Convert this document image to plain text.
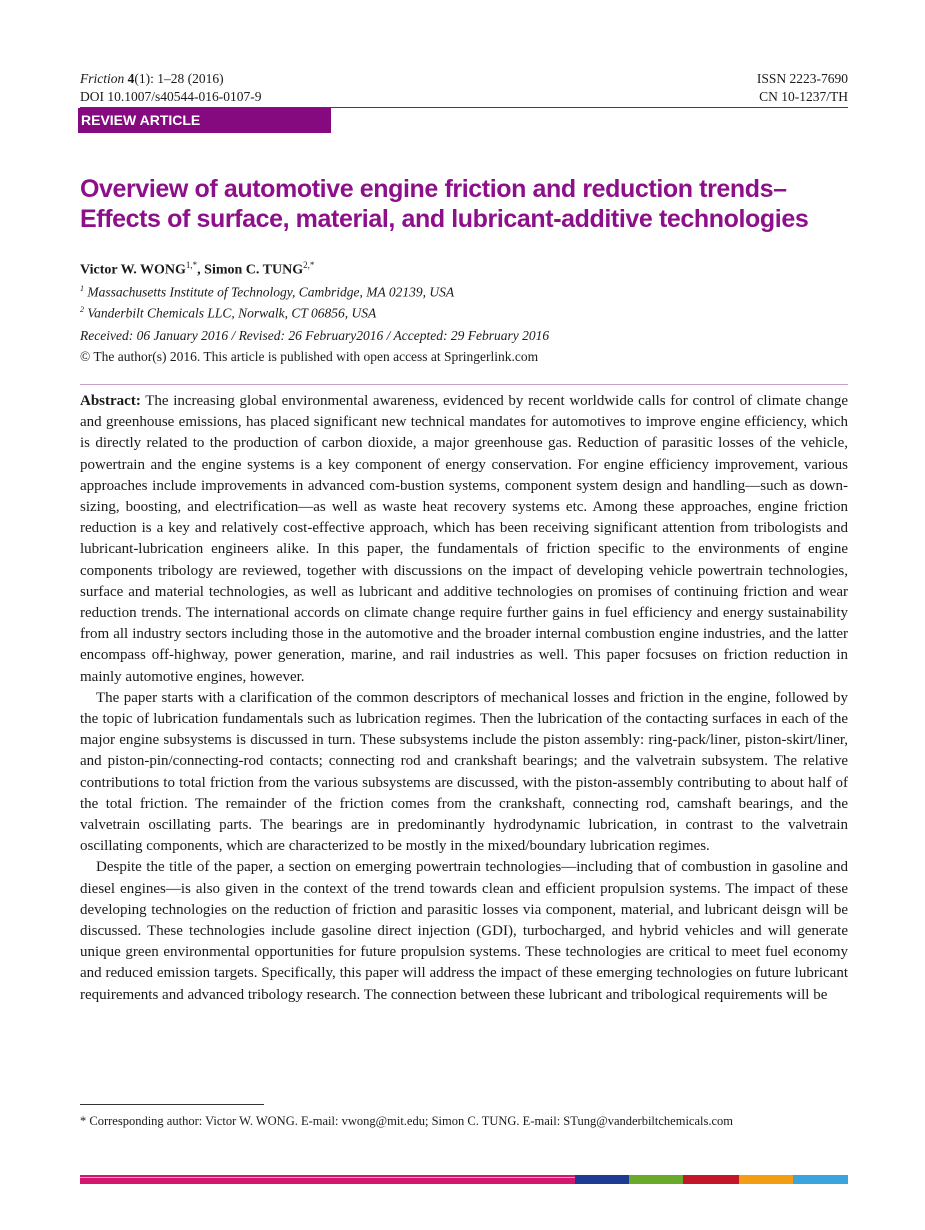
Friction 4(1): 1–28 (2016)
DOI 10.1007/s40544-016-0107-9
ISSN 2223-7690
CN 10-1237/TH
REVIEW ARTICLE
Overview of automotive engine friction and reduction trends–
Effects of surface, material, and lubricant-additive technologies
Victor W. $WONG^{1,*}$, Simon C. $TUNG^{2,*}$
$^1$ Massachusetts Institute of Technology, Cambridge, MA 02139, USA
$^2$ Vanderbilt Chemicals LLC, Norwalk, CT 06856, USA
Received: 06 January 2016 / Revised: 26 February2016 / Accepted: 29 February 2016
© The author(s) 2016. This article is published with open access at Springerlink.com

Abstract: The increasing global environmental awareness, evidenced by recent worldwide calls for control of climate change and greenhouse emissions, has placed significant new technical mandates for automotives to improve engine efficiency, which is directly related to the production of carbon dioxide, a major greenhouse gas. Reduction of parasitic losses of the vehicle, powertrain and the engine systems is a key component of energy conservation. For engine efficiency improvement, various approaches include improvements in advanced com-bustion systems, component system design and handling—such as down-sizing, boosting, and electrification—as well as waste heat recovery systems etc. Among these approaches, engine friction reduction is a key and relatively cost-effective approach, which has been receiving significant attention from tribologists and lubricant-lubrication engineers alike. In this paper, the fundamentals of friction specific to the environments of engine components tribology are reviewed, together with discussions on the impact of developing vehicle powertrain technologies, surface and material technologies, as well as lubricant and additive technologies on promises of continuing friction and wear reduction trends. The international accords on climate change require further gains in fuel efficiency and energy sustainability from all industry sectors including those in the automotive and the broader internal combustion engine industries, and the latter encompass off-highway, power generation, marine, and rail industries as well. This paper focsuses on friction reduction in mainly automotive engines, however.

The paper starts with a clarification of the common descriptors of mechanical losses and friction in the engine, followed by the topic of lubrication fundamentals such as lubrication regimes. Then the lubrication of the contacting surfaces in each of the major engine subsystems is discussed in turn. These subsystems include the piston assembly: ring-pack/liner, piston-skirt/liner, and piston-pin/connecting-rod contacts; connecting rod and crankshaft bearings; and the valvetrain subsystem. The relative contributions to total friction from the various subsystems are discussed, with the piston-assembly contributing to about half of the total friction. The remainder of the friction comes from the crankshaft, connecting rod, camshaft bearings, and the valvetrain oscillating parts. The bearings are in predominantly hydrodynamic lubrication, in contrast to the valvetrain oscillating components, which are characterized to be mostly in the mixed/boundary lubrication regimes.

Despite the title of the paper, a section on emerging powertrain technologies—including that of combustion in gasoline and diesel engines—is also given in the context of the trend towards clean and efficient propulsion systems. The impact of these developing technologies on the reduction of friction and parasitic losses via component, material, and lubricant deisgn will be discussed. These technologies include gasoline direct injection (GDI), turbocharged, and hybrid vehicles and will generate unique green environmental opportunities for future propulsion systems. These technologies are critical to meet fuel economy and reduced emission targets. Specifically, this paper will address the impact of these emerging technologies on future lubricant requirements and advanced tribology research. The connection between these lubricant and tribological requirements will be

* Corresponding author: Victor W. WONG. E-mail: vwong@mit.edu; Simon C. TUNG. E-mail: STung@vanderbiltchemicals.com
